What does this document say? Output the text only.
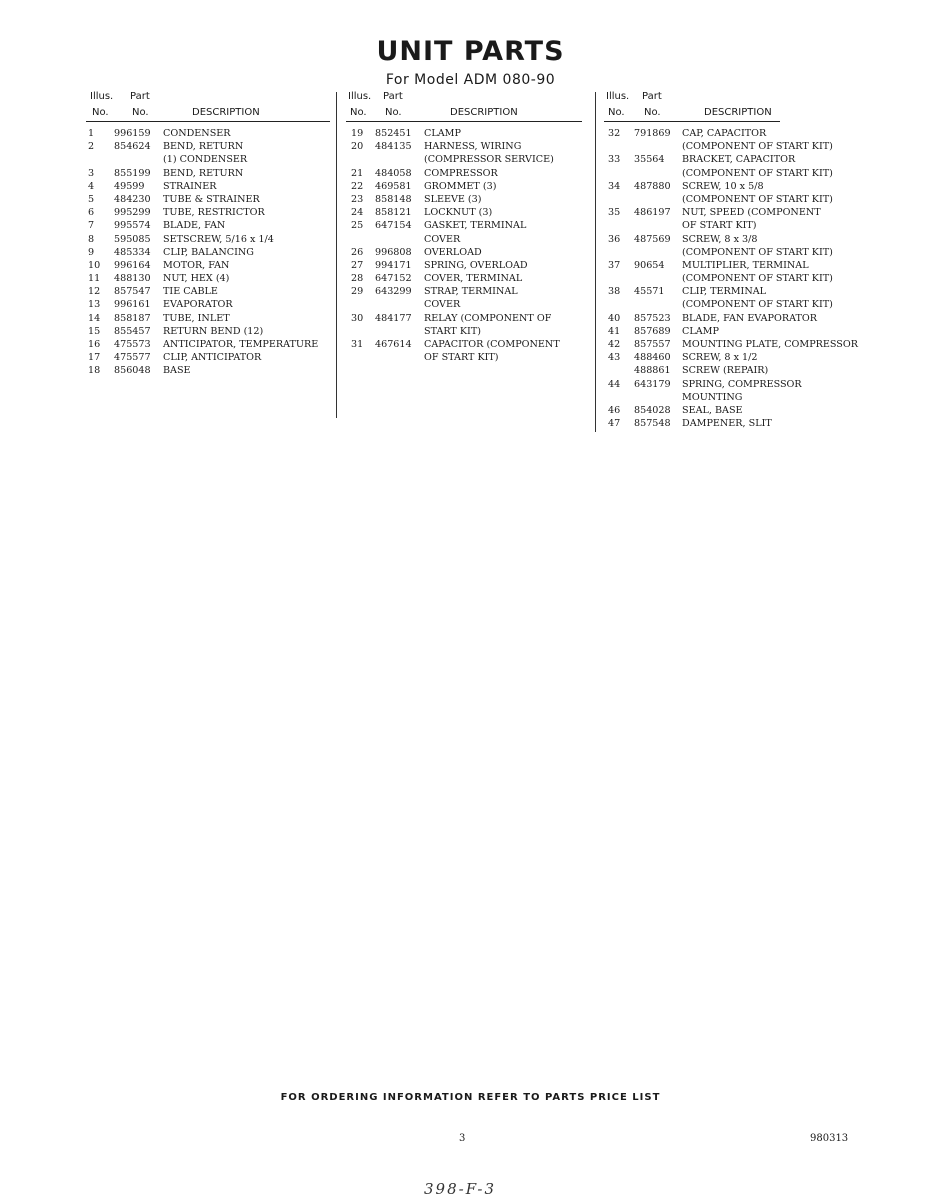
UNIT PARTS
For Model ADM 080-90
Illus. Part
No. No.	DESCRIPTION
1 996159 CONDENSER
2 854624 BEND, RETURN
(1) CONDENSER
3 855199 BEND, RETURN
4 49599 STRAINER
5 484230 TUBE & STRAINER
6 995299 TUBE, RESTRICTOR
7 995574 BLADE, FAN
8 595085 SETSCREW, 5/16 x 1/4
9 485334 CLIP, BALANCING
10 996164 MOTOR, FAN
11 488130 NUT, HEX (4)
12 857547 TIE CABLE
13 996161 EVAPORATOR
14 858187 TUBE, INLET
15 855457 RETURN BEND (12)
16 475573 ANTICIPATOR, TEMPERATURE
17 475577 CLIP, ANTICIPATOR
18 856048 BASE
Illus. Part
No. No.	DESCRIPTION
19 852451 CLAMP
20 484135 HARNESS, WIRING
(COMPRESSOR SERVICE)
21 484058 COMPRESSOR
22 469581 GROMMET (3)
23 858148 SLEEVE (3)
24 858121 LOCKNUT (3)
25 647154 GASKET, TERMINAL
COVER
26 996808 OVERLOAD
27 994171 SPRING, OVERLOAD
28 647152 COVER, TERMINAL
29 643299 STRAP, TERMINAL
COVER
30 484177 RELAY (COMPONENT OF
START KIT)
31 467614 CAPACITOR (COMPONENT
OF START KIT)
Illus. Part
No. No.	DESCRIPTION
32 791869 CAP, CAPACITOR
(COMPONENT OF START KIT)
33 35564 BRACKET, CAPACITOR
(COMPONENT OF START KIT)
34 487880 SCREW, 10 x 5/8
(COMPONENT OF START KIT)
35 486197 NUT, SPEED (COMPONENT
OF START KIT)
36 487569 SCREW, 8 x 3/8
(COMPONENT OF START KIT)
37 90654 MULTIPLIER, TERMINAL
(COMPONENT OF START KIT)
38 45571 CLIP, TERMINAL
(COMPONENT OF START KIT)
40 857523 BLADE, FAN EVAPORATOR
41 857689 CLAMP
42 857557 MOUNTING PLATE, COMPRESSOR
43 488460 SCREW, 8 x 1/2
488861 SCREW (REPAIR)
44 643179 SPRING, COMPRESSOR
MOUNTING
46 854028 SEAL, BASE
47 857548 DAMPENER, SLIT
FOR ORDERING INFORMATION REFER TO PARTS PRICE LIST
3	980313
398-F-3
